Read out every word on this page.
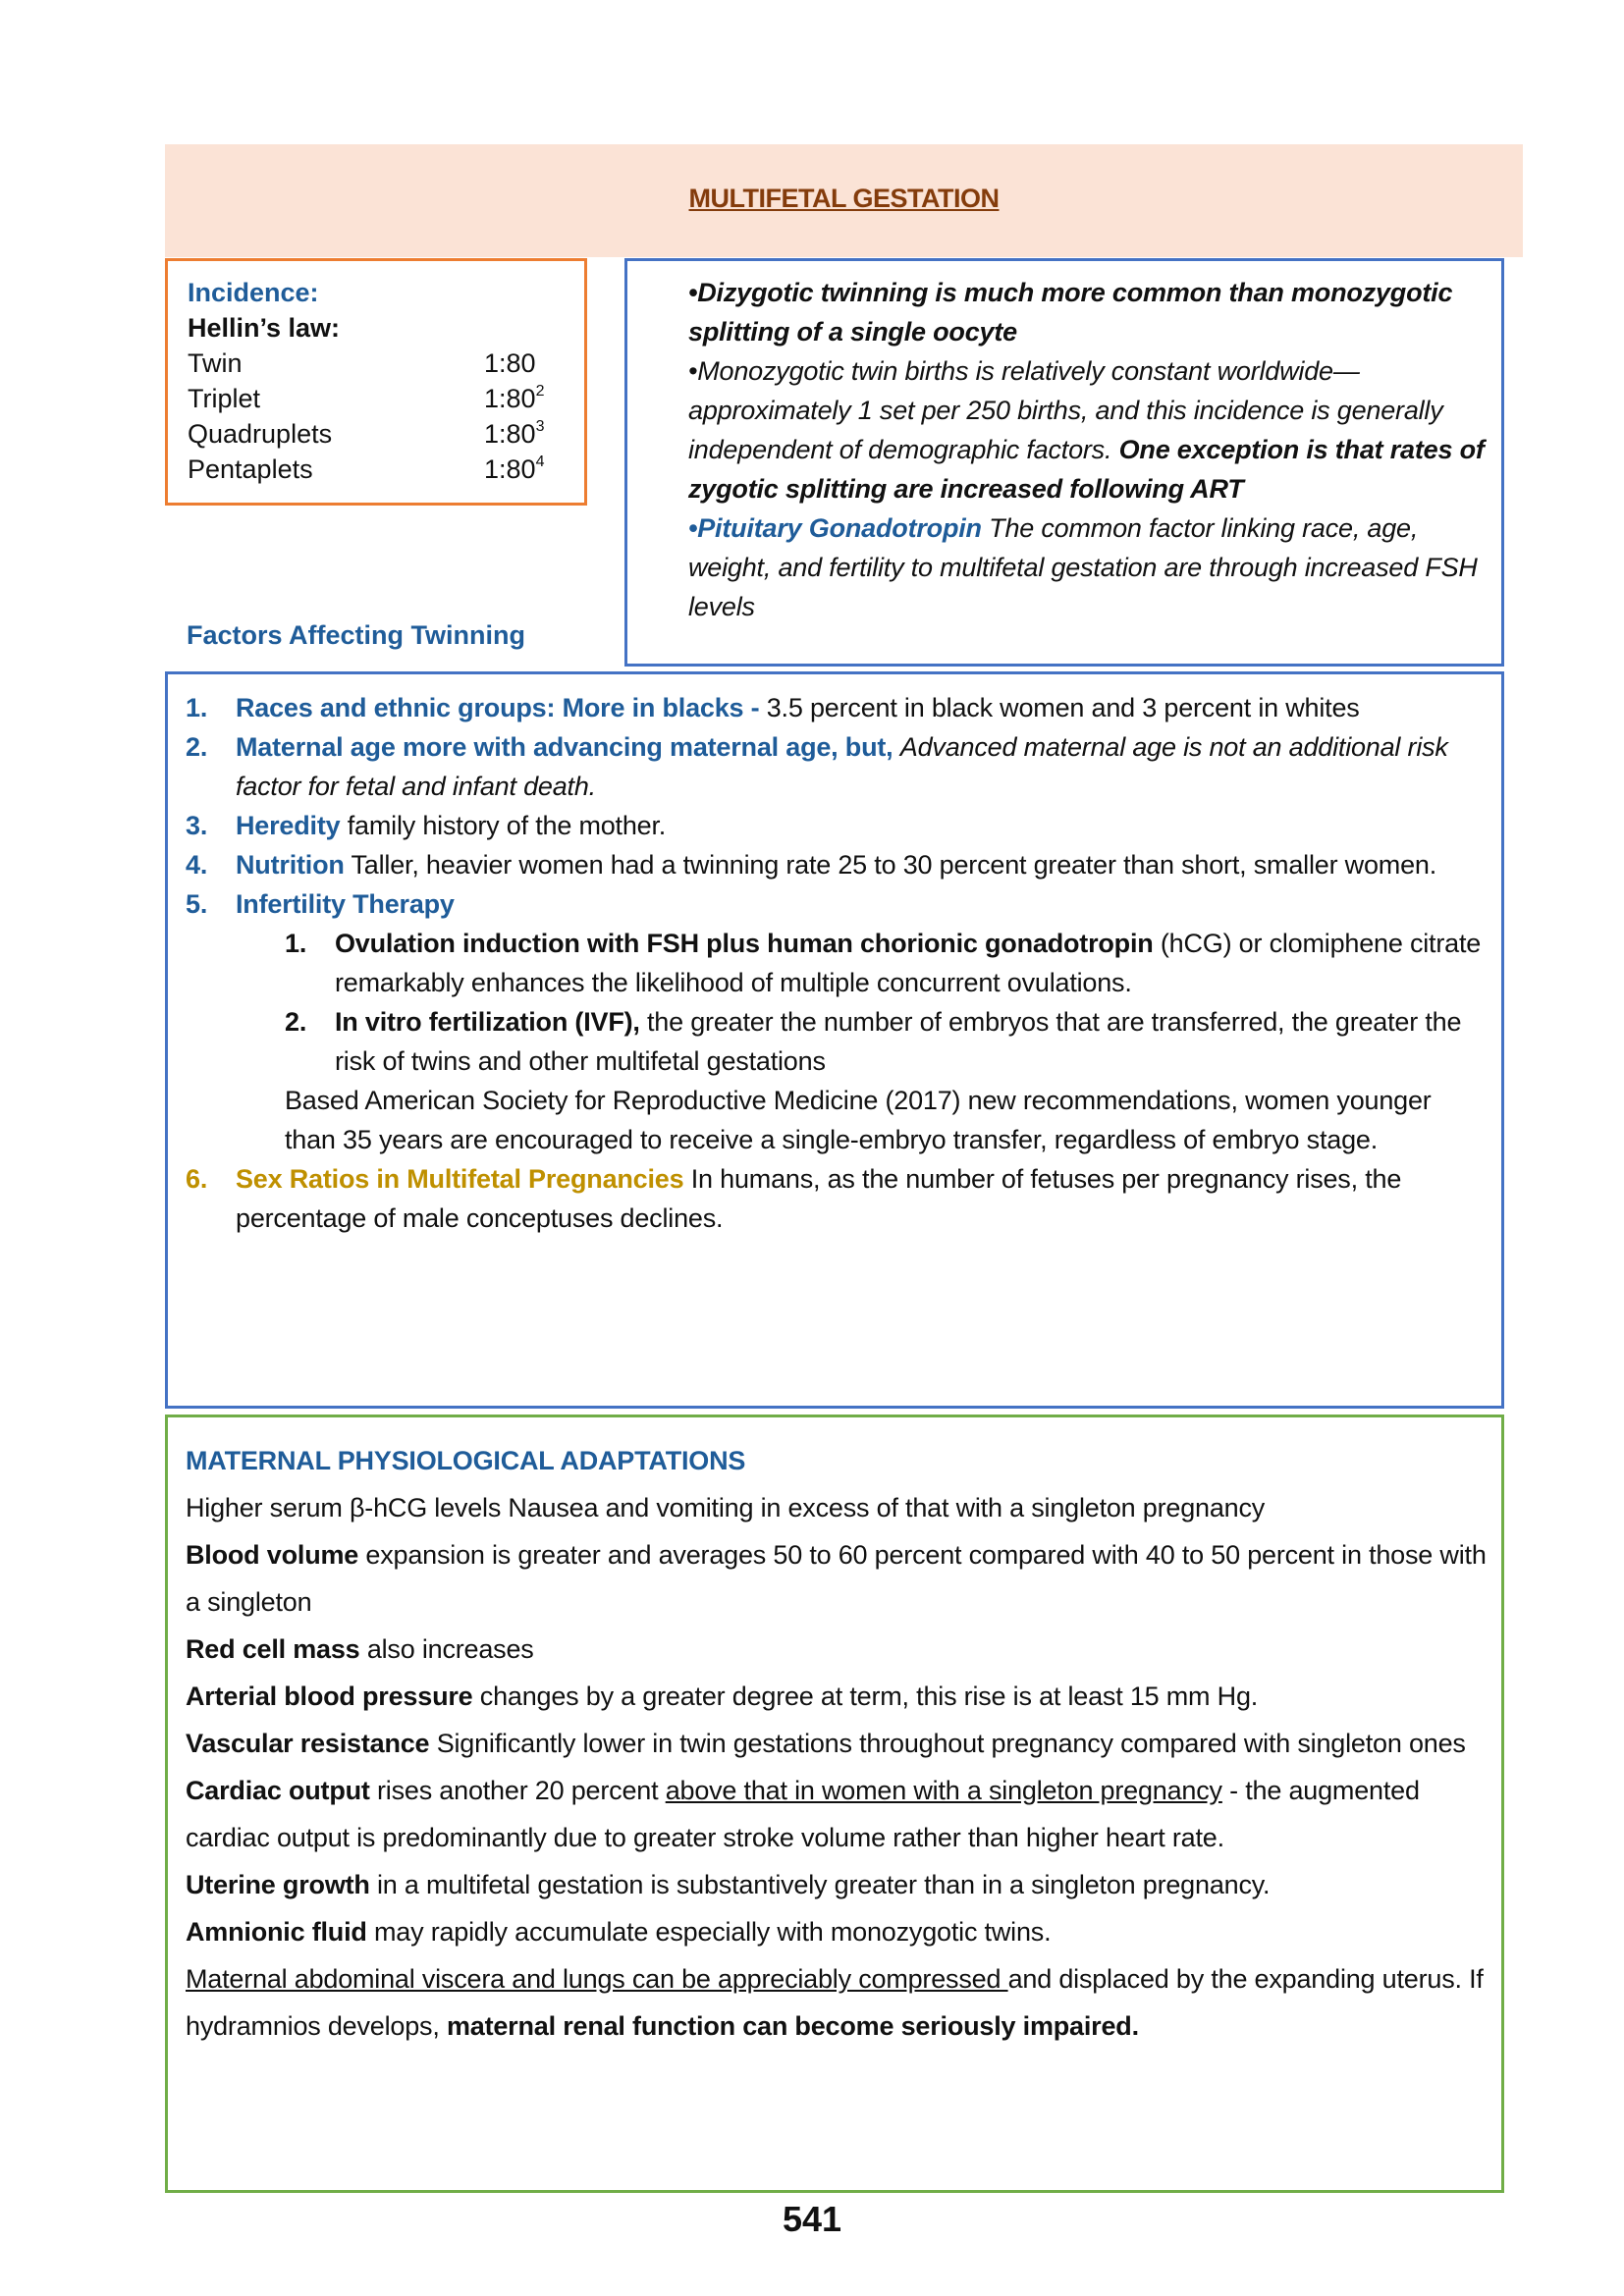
MULTIFETAL GESTATION
Incidence:
Hellin’s law:
Twin	1:80
Triplet	$1:80^2$
Quadruplets	$1:80^3$
Pentaplets	$1:80^4$

•Dizygotic twinning is much more common than monozygotic splitting of a single oocyte

•Monozygotic twin births is relatively constant worldwide—approximately 1 set per 250 births, and this incidence is generally independent of demographic factors. One exception is that rates of zygotic splitting are increased following ART

•Pituitary Gonadotropin The common factor linking race, age, weight, and fertility to multifetal gestation are through increased FSH levels

Factors Affecting Twinning
1.	Races and ethnic groups: More in blacks - 3.5 percent in black women and 3 percent in whites
2.	Maternal age more with advancing maternal age, but, Advanced maternal age is not an additional risk factor for fetal and infant death.
3.	Heredity family history of the mother.
4.	Nutrition Taller, heavier women had a twinning rate 25 to 30 percent greater than short, smaller women.
5.	Infertility Therapy
1.	Ovulation induction with FSH plus human chorionic gonadotropin (hCG) or clomiphene citrate remarkably enhances the likelihood of multiple concurrent ovulations.
2.	In vitro fertilization (IVF), the greater the number of embryos that are transferred, the greater the risk of twins and other multifetal gestations
Based American Society for Reproductive Medicine (2017) new recommendations, women younger than 35 years are encouraged to receive a single-embryo transfer, regardless of embryo stage.
6.	Sex Ratios in Multifetal Pregnancies In humans, as the number of fetuses per pregnancy rises, the percentage of male conceptuses declines.

MATERNAL PHYSIOLOGICAL ADAPTATIONS

Higher serum β-hCG levels Nausea and vomiting in excess of that with a singleton pregnancy

Blood volume expansion is greater and averages 50 to 60 percent compared with 40 to 50 percent in those with a singleton

Red cell mass also increases

Arterial blood pressure changes by a greater degree at term, this rise is at least 15 mm Hg.

Vascular resistance Significantly lower in twin gestations throughout pregnancy compared with singleton ones

Cardiac output rises another 20 percent above that in women with a singleton pregnancy - the augmented cardiac output is predominantly due to greater stroke volume rather than higher heart rate.

Uterine growth in a multifetal gestation is substantively greater than in a singleton pregnancy.

Amnionic fluid may rapidly accumulate especially with monozygotic twins.

Maternal abdominal viscera and lungs can be appreciably compressed and displaced by the expanding uterus. If hydramnios develops, maternal renal function can become seriously impaired.

541
